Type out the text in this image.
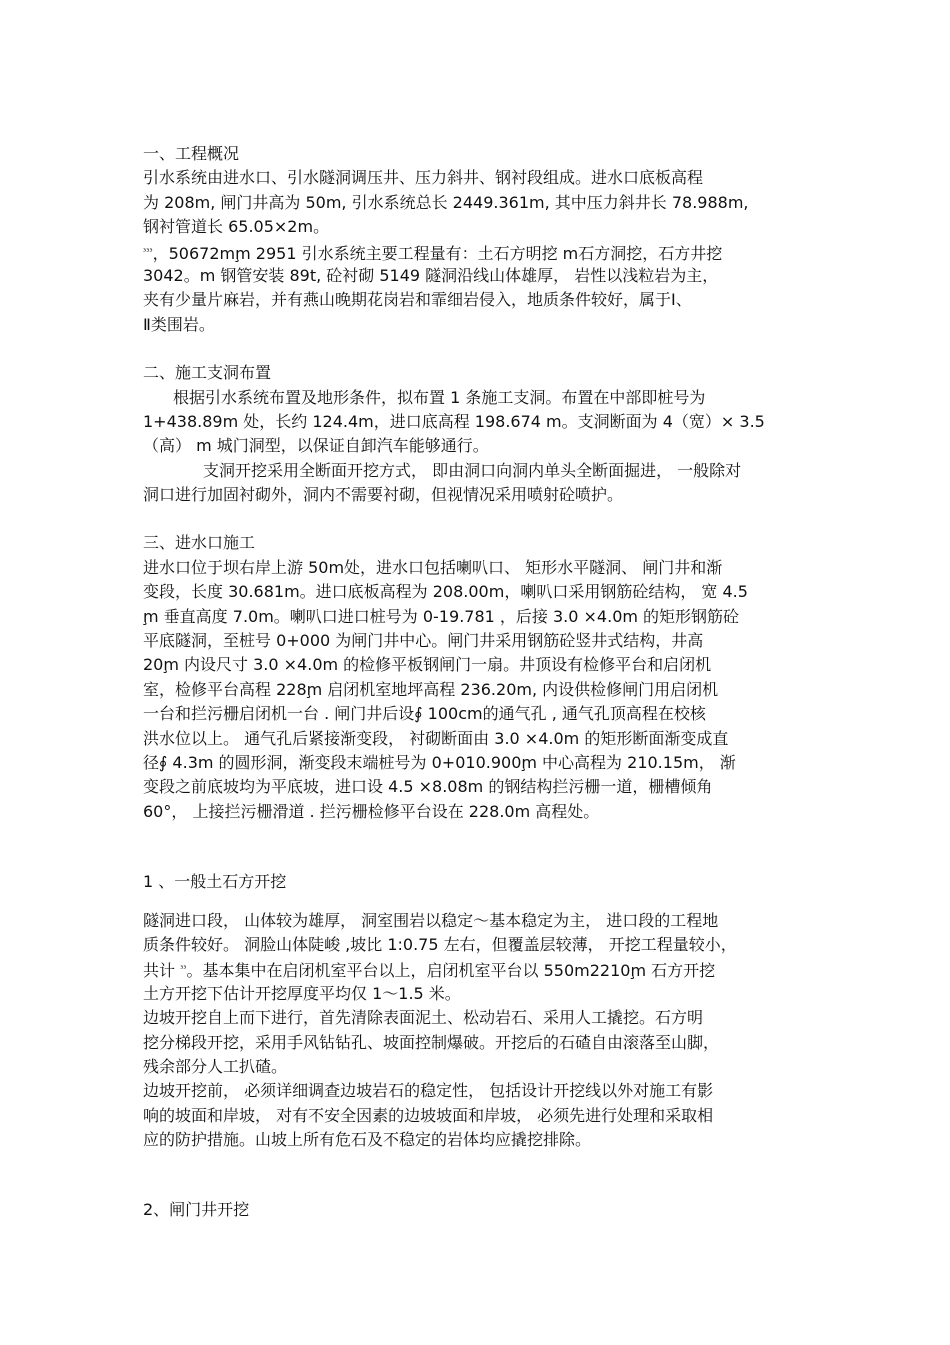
一、工程概况
引水系统由进水口、引水隧洞调压井、压力斜井、钢衬段组成。进水口底板高程
为 208m, 闸门井高为 50m, 引水系统总长 2449.361m, 其中压力斜井长 78.988m,
钢衬管道长 65.05×2m。
$^{^{333}}$，50672mm̧ 2951 引水系统主要工程量有：土石方明挖 m石方洞挖，石方井挖
3042。m 钢管安装 89t, 砼衬砌 5149 隧洞沿线山体雄厚， 岩性以浅粒岩为主，
夹有少量片麻岩，并有燕山晚期花岗岩和霏细岩侵入，地质条件较好，属于Ⅰ、
Ⅱ类围岩。
二、施工支洞布置
根据引水系统布置及地形条件，拟布置 1 条施工支洞。布置在中部即桩号为
1+438.89m 处，长约 124.4m，进口底高程 198.674 m。支洞断面为 4（宽）× 3.5
（高） m 城门洞型，以保证自卸汽车能够通行。
支洞开挖采用全断面开挖方式， 即由洞口向洞内单头全断面掘进， 一般除对
洞口进行加固衬砌外，洞内不需要衬砌，但视情况采用喷射砼喷护。
三、进水口施工
进水口位于坝右岸上游 50m处，进水口包括喇叭口、 矩形水平隧洞、 闸门井和渐
变段，长度 30.681m。进口底板高程为 208.00m，喇叭口采用钢筋砼结构， 宽 4.5
m̧ 垂直高度 7.0m。喇叭口进口桩号为 0-19.781 ，后接 3.0 ×4.0m 的矩形钢筋砼
平底隧洞，至桩号 0+000 为闸门井中心。闸门井采用钢筋砼竖井式结构，井高
20m̧ 内设尺寸 3.0 ×4.0m 的检修平板钢闸门一扇。井顶设有检修平台和启闭机
室，检修平台高程 228m̧ 启闭机室地坪高程 236.20m, 内设供检修闸门用启闭机
一台和拦污栅启闭机一台 . 闸门井后设∮ 100cm的通气孔 , 通气孔顶高程在校核
洪水位以上。 通气孔后紧接渐变段， 衬砌断面由 3.0 ×4.0m 的矩形断面渐变成直
径∮ 4.3m 的圆形洞，渐变段末端桩号为 0+010.900m̧ 中心高程为 210.15m， 渐
变段之前底坡均为平底坡，进口设 4.5 ×8.08m 的钢结构拦污栅一道，栅槽倾角
60°， 上接拦污栅滑道 . 拦污栅检修平台设在 228.0m 高程处。
1 、一般土石方开挖
隧洞进口段， 山体较为雄厚， 洞室围岩以稳定～基本稳定为主， 进口段的工程地
质条件较好。 洞脸山体陡峻 ,坡比 1:0.75 左右，但覆盖层较薄， 开挖工程量较小，
共计 $^{^{33}}$。基本集中在启闭机室平台以上，启闭机室平台以 550m2210m̧ 石方开挖
土方开挖下估计开挖厚度平均仅 1～1.5 米。
边坡开挖自上而下进行，首先清除表面泥土、松动岩石、采用人工撬挖。石方明
挖分梯段开挖，采用手风钻钻孔、坡面控制爆破。开挖后的石碴自由滚落至山脚，
残余部分人工扒碴。
边坡开挖前， 必须详细调查边坡岩石的稳定性， 包括设计开挖线以外对施工有影
响的坡面和岸坡， 对有不安全因素的边坡坡面和岸坡， 必须先进行处理和采取相
应的防护措施。山坡上所有危石及不稳定的岩体均应撬挖排除。
2、闸门井开挖
